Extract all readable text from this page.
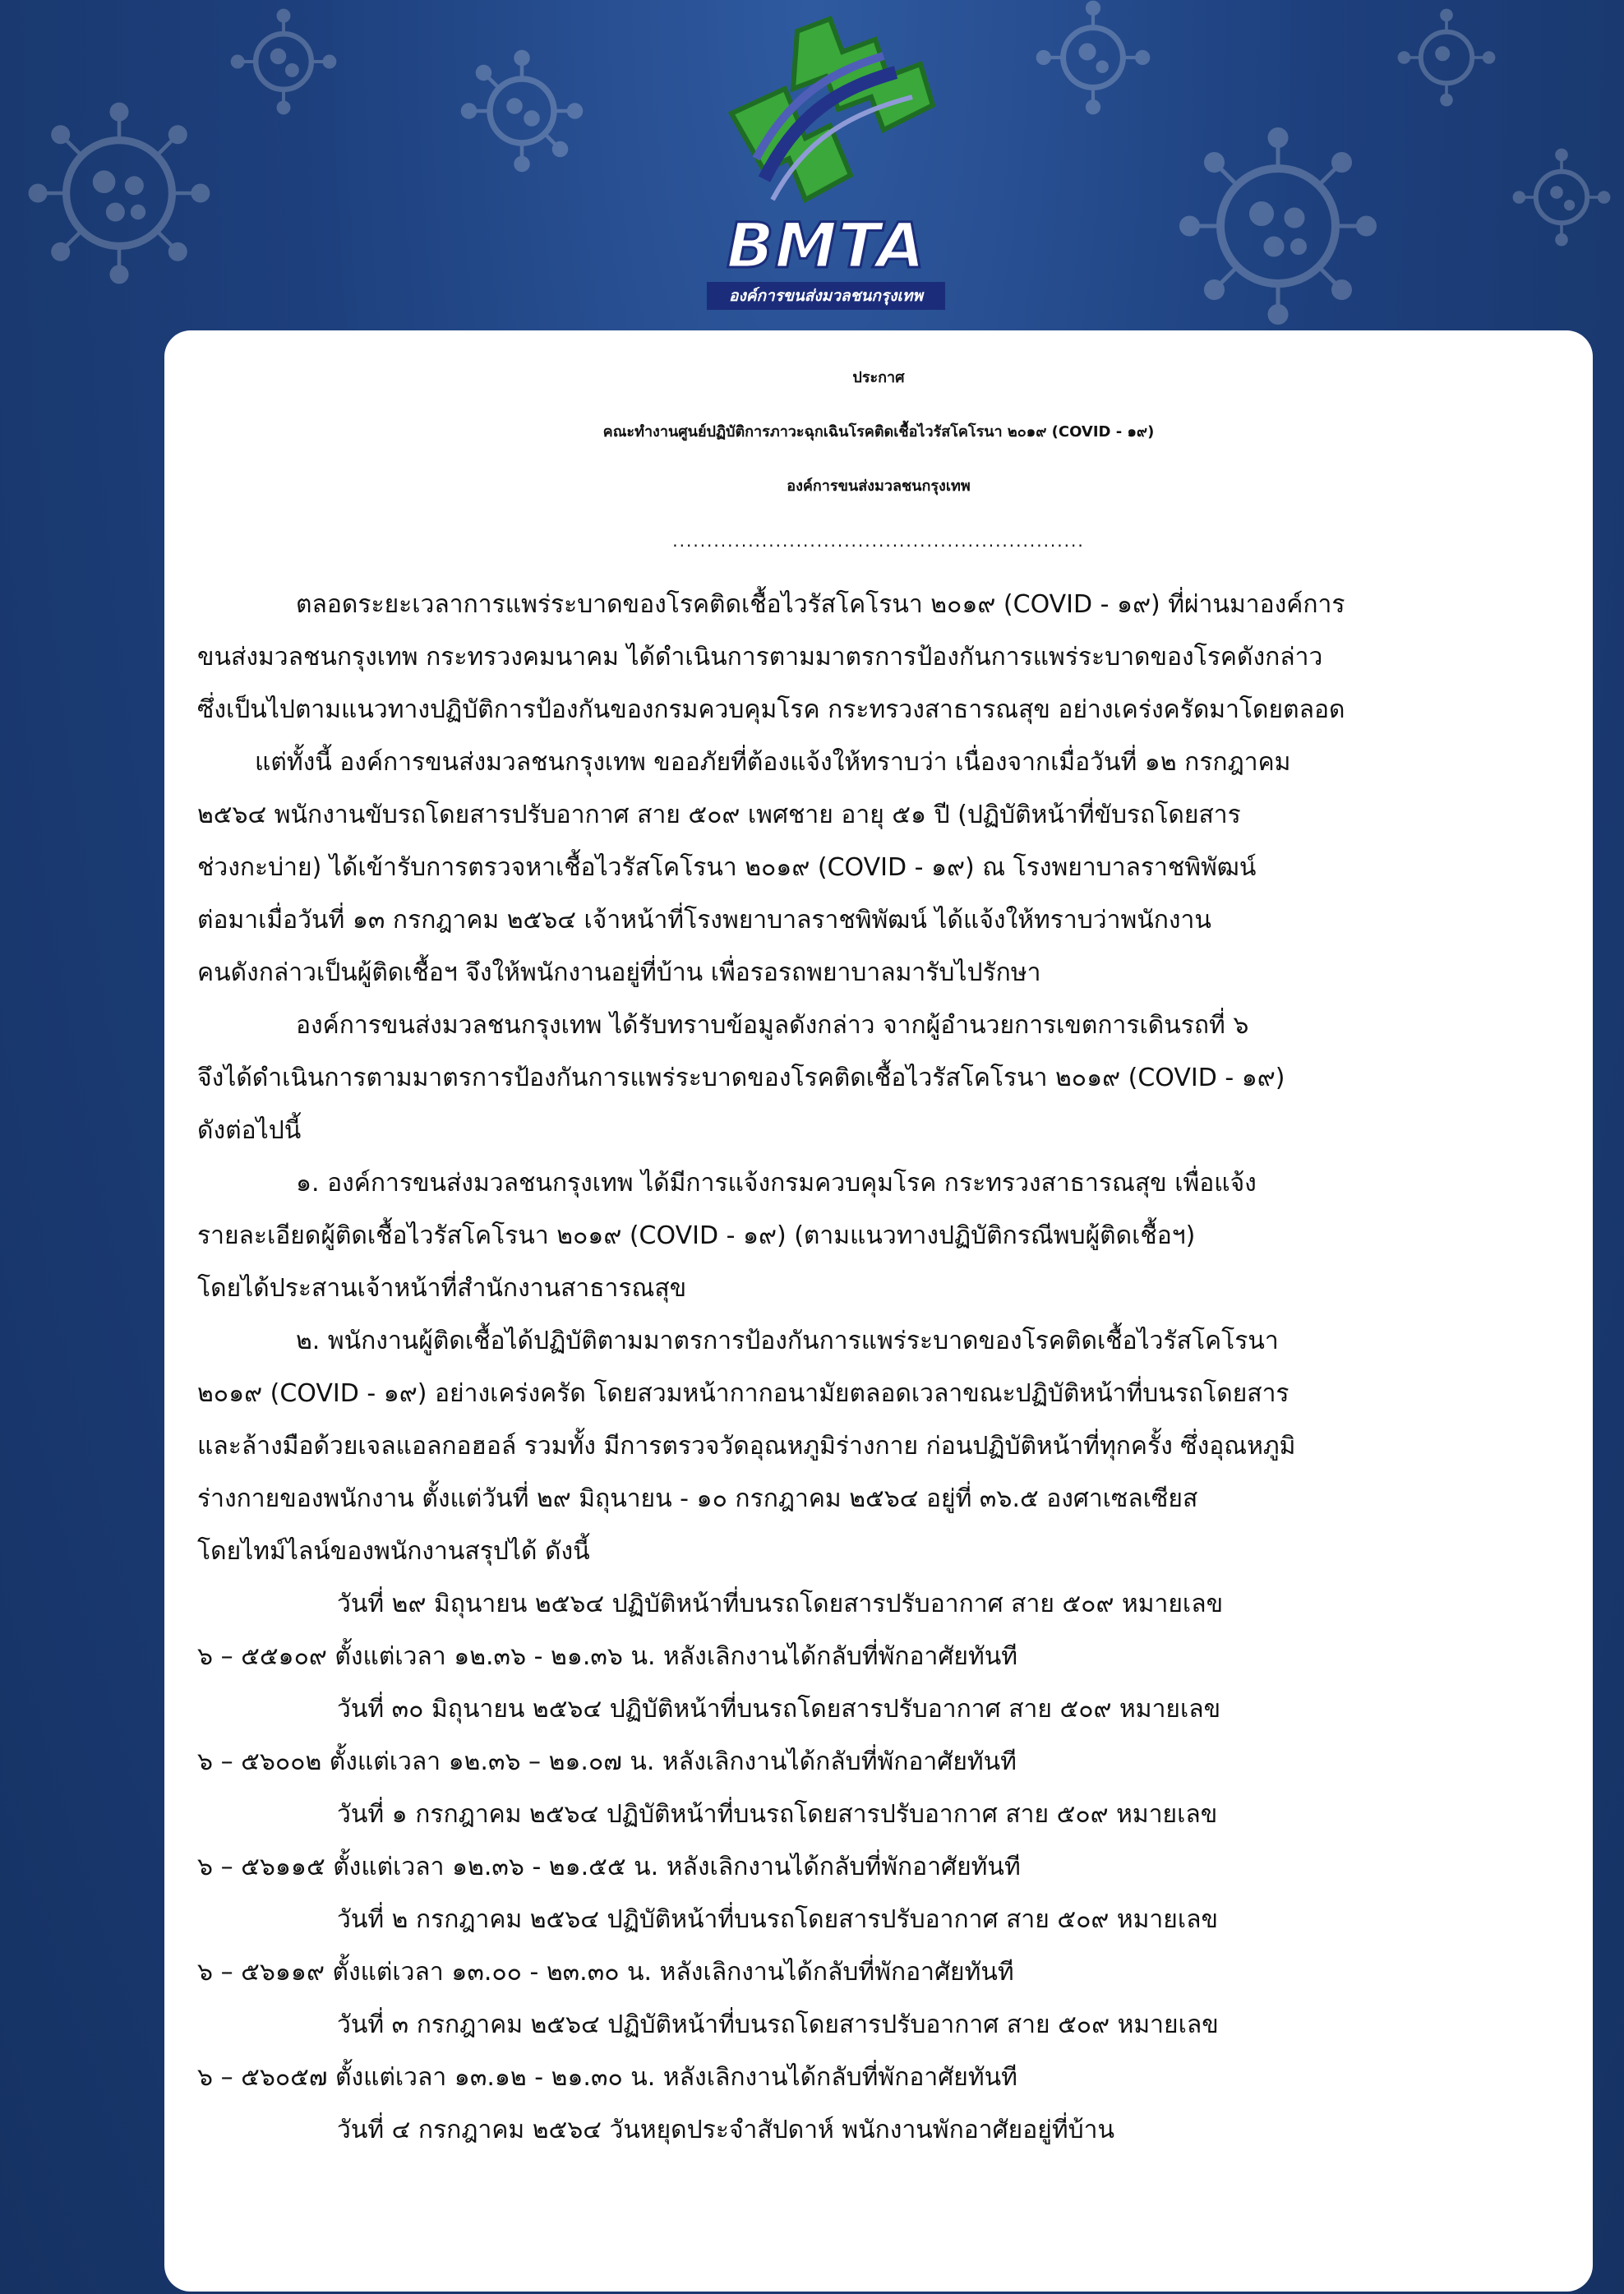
BMTA
องค์การขนส่งมวลชนกรุงเทพ
ประกาศ
คณะทำงานศูนย์ปฏิบัติการภาวะฉุกเฉินโรคติดเชื้อไวรัสโคโรนา ๒๐๑๙ (COVID - ๑๙)
องค์การขนส่งมวลชนกรุงเทพ
............................................................
ตลอดระยะเวลาการแพร่ระบาดของโรคติดเชื้อไวรัสโคโรนา ๒๐๑๙ (COVID - ๑๙) ที่ผ่านมาองค์การ
ขนส่งมวลชนกรุงเทพ กระทรวงคมนาคม ได้ดำเนินการตามมาตรการป้องกันการแพร่ระบาดของโรคดังกล่าว
ซึ่งเป็นไปตามแนวทางปฏิบัติการป้องกันของกรมควบคุมโรค กระทรวงสาธารณสุข อย่างเคร่งครัดมาโดยตลอด
แต่ทั้งนี้ องค์การขนส่งมวลชนกรุงเทพ ขออภัยที่ต้องแจ้งให้ทราบว่า เนื่องจากเมื่อวันที่ ๑๒ กรกฎาคม
๒๕๖๔ พนักงานขับรถโดยสารปรับอากาศ สาย ๕๐๙ เพศชาย อายุ ๕๑ ปี (ปฏิบัติหน้าที่ขับรถโดยสาร
ช่วงกะบ่าย) ได้เข้ารับการตรวจหาเชื้อไวรัสโคโรนา ๒๐๑๙ (COVID - ๑๙) ณ โรงพยาบาลราชพิพัฒน์
ต่อมาเมื่อวันที่ ๑๓ กรกฎาคม ๒๕๖๔ เจ้าหน้าที่โรงพยาบาลราชพิพัฒน์ ได้แจ้งให้ทราบว่าพนักงาน
คนดังกล่าวเป็นผู้ติดเชื้อฯ จึงให้พนักงานอยู่ที่บ้าน เพื่อรอรถพยาบาลมารับไปรักษา
องค์การขนส่งมวลชนกรุงเทพ ได้รับทราบข้อมูลดังกล่าว จากผู้อำนวยการเขตการเดินรถที่ ๖
จึงได้ดำเนินการตามมาตรการป้องกันการแพร่ระบาดของโรคติดเชื้อไวรัสโคโรนา ๒๐๑๙ (COVID - ๑๙)
ดังต่อไปนี้
๑. องค์การขนส่งมวลชนกรุงเทพ ได้มีการแจ้งกรมควบคุมโรค กระทรวงสาธารณสุข เพื่อแจ้ง
รายละเอียดผู้ติดเชื้อไวรัสโคโรนา ๒๐๑๙ (COVID - ๑๙) (ตามแนวทางปฏิบัติกรณีพบผู้ติดเชื้อฯ)
โดยได้ประสานเจ้าหน้าที่สำนักงานสาธารณสุข
๒. พนักงานผู้ติดเชื้อได้ปฏิบัติตามมาตรการป้องกันการแพร่ระบาดของโรคติดเชื้อไวรัสโคโรนา
๒๐๑๙ (COVID - ๑๙) อย่างเคร่งครัด โดยสวมหน้ากากอนามัยตลอดเวลาขณะปฏิบัติหน้าที่บนรถโดยสาร
และล้างมือด้วยเจลแอลกอฮอล์ รวมทั้ง มีการตรวจวัดอุณหภูมิร่างกาย ก่อนปฏิบัติหน้าที่ทุกครั้ง ซึ่งอุณหภูมิ
ร่างกายของพนักงาน ตั้งแต่วันที่ ๒๙ มิถุนายน - ๑๐ กรกฎาคม ๒๕๖๔ อยู่ที่ ๓๖.๕ องศาเซลเซียส
โดยไทม์ไลน์ของพนักงานสรุปได้ ดังนี้
วันที่ ๒๙ มิถุนายน ๒๕๖๔ ปฏิบัติหน้าที่บนรถโดยสารปรับอากาศ สาย ๕๐๙ หมายเลข
๖ – ๕๕๑๐๙ ตั้งแต่เวลา ๑๒.๓๖ - ๒๑.๓๖ น. หลังเลิกงานได้กลับที่พักอาศัยทันที
วันที่ ๓๐ มิถุนายน ๒๕๖๔ ปฏิบัติหน้าที่บนรถโดยสารปรับอากาศ สาย ๕๐๙ หมายเลข
๖ – ๕๖๐๐๒ ตั้งแต่เวลา ๑๒.๓๖ – ๒๑.๐๗ น. หลังเลิกงานได้กลับที่พักอาศัยทันที
วันที่ ๑ กรกฎาคม ๒๕๖๔ ปฏิบัติหน้าที่บนรถโดยสารปรับอากาศ สาย ๕๐๙ หมายเลข
๖ – ๕๖๑๑๕ ตั้งแต่เวลา ๑๒.๓๖ - ๒๑.๕๕ น. หลังเลิกงานได้กลับที่พักอาศัยทันที
วันที่ ๒ กรกฎาคม ๒๕๖๔ ปฏิบัติหน้าที่บนรถโดยสารปรับอากาศ สาย ๕๐๙ หมายเลข
๖ – ๕๖๑๑๙ ตั้งแต่เวลา ๑๓.๐๐ - ๒๓.๓๐ น. หลังเลิกงานได้กลับที่พักอาศัยทันที
วันที่ ๓ กรกฎาคม ๒๕๖๔ ปฏิบัติหน้าที่บนรถโดยสารปรับอากาศ สาย ๕๐๙ หมายเลข
๖ – ๕๖๐๕๗ ตั้งแต่เวลา ๑๓.๑๒ - ๒๑.๓๐ น. หลังเลิกงานได้กลับที่พักอาศัยทันที
วันที่ ๔ กรกฎาคม ๒๕๖๔ วันหยุดประจำสัปดาห์ พนักงานพักอาศัยอยู่ที่บ้าน
